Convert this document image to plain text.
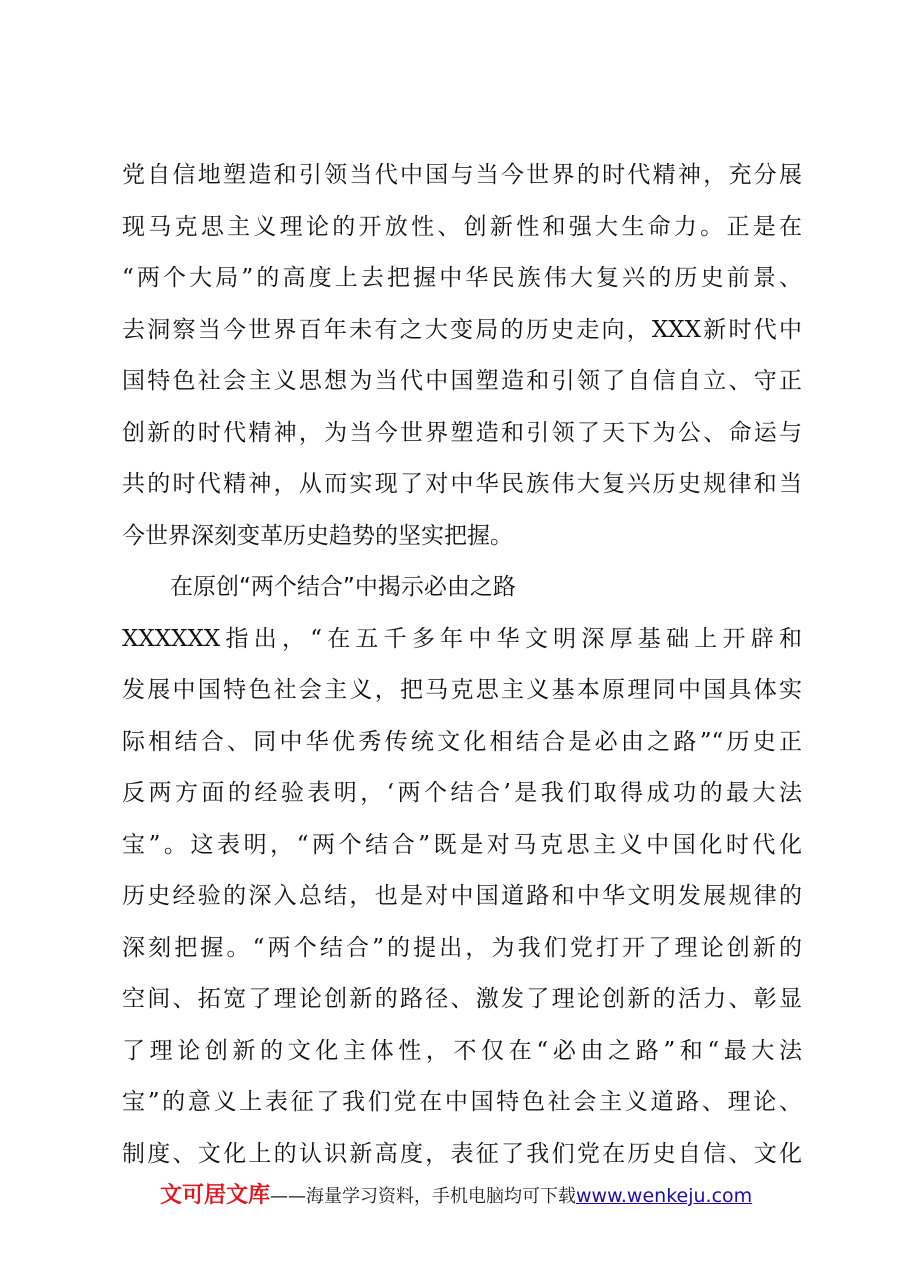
党自信地塑造和引领当代中国与当今世界的时代精神，充分展
现马克思主义理论的开放性、创新性和强大生命力。正是在
“两个大局”的高度上去把握中华民族伟大复兴的历史前景、
去洞察当今世界百年未有之大变局的历史走向，XXX新时代中
国特色社会主义思想为当代中国塑造和引领了自信自立、守正
创新的时代精神，为当今世界塑造和引领了天下为公、命运与
共的时代精神，从而实现了对中华民族伟大复兴历史规律和当
今世界深刻变革历史趋势的坚实把握。
在原创“两个结合”中揭示必由之路
XXXXXX指出，“在五千多年中华文明深厚基础上开辟和
发展中国特色社会主义，把马克思主义基本原理同中国具体实
际相结合、同中华优秀传统文化相结合是必由之路”“历史正
反两方面的经验表明，‘两个结合’是我们取得成功的最大法
宝”。这表明，“两个结合”既是对马克思主义中国化时代化
历史经验的深入总结，也是对中国道路和中华文明发展规律的
深刻把握。“两个结合”的提出，为我们党打开了理论创新的
空间、拓宽了理论创新的路径、激发了理论创新的活力、彰显
了理论创新的文化主体性，不仅在“必由之路”和“最大法
宝”的意义上表征了我们党在中国特色社会主义道路、理论、
制度、文化上的认识新高度，表征了我们党在历史自信、文化
文可居文库——海量学习资料，手机电脑均可下载www.wenkeju.com
